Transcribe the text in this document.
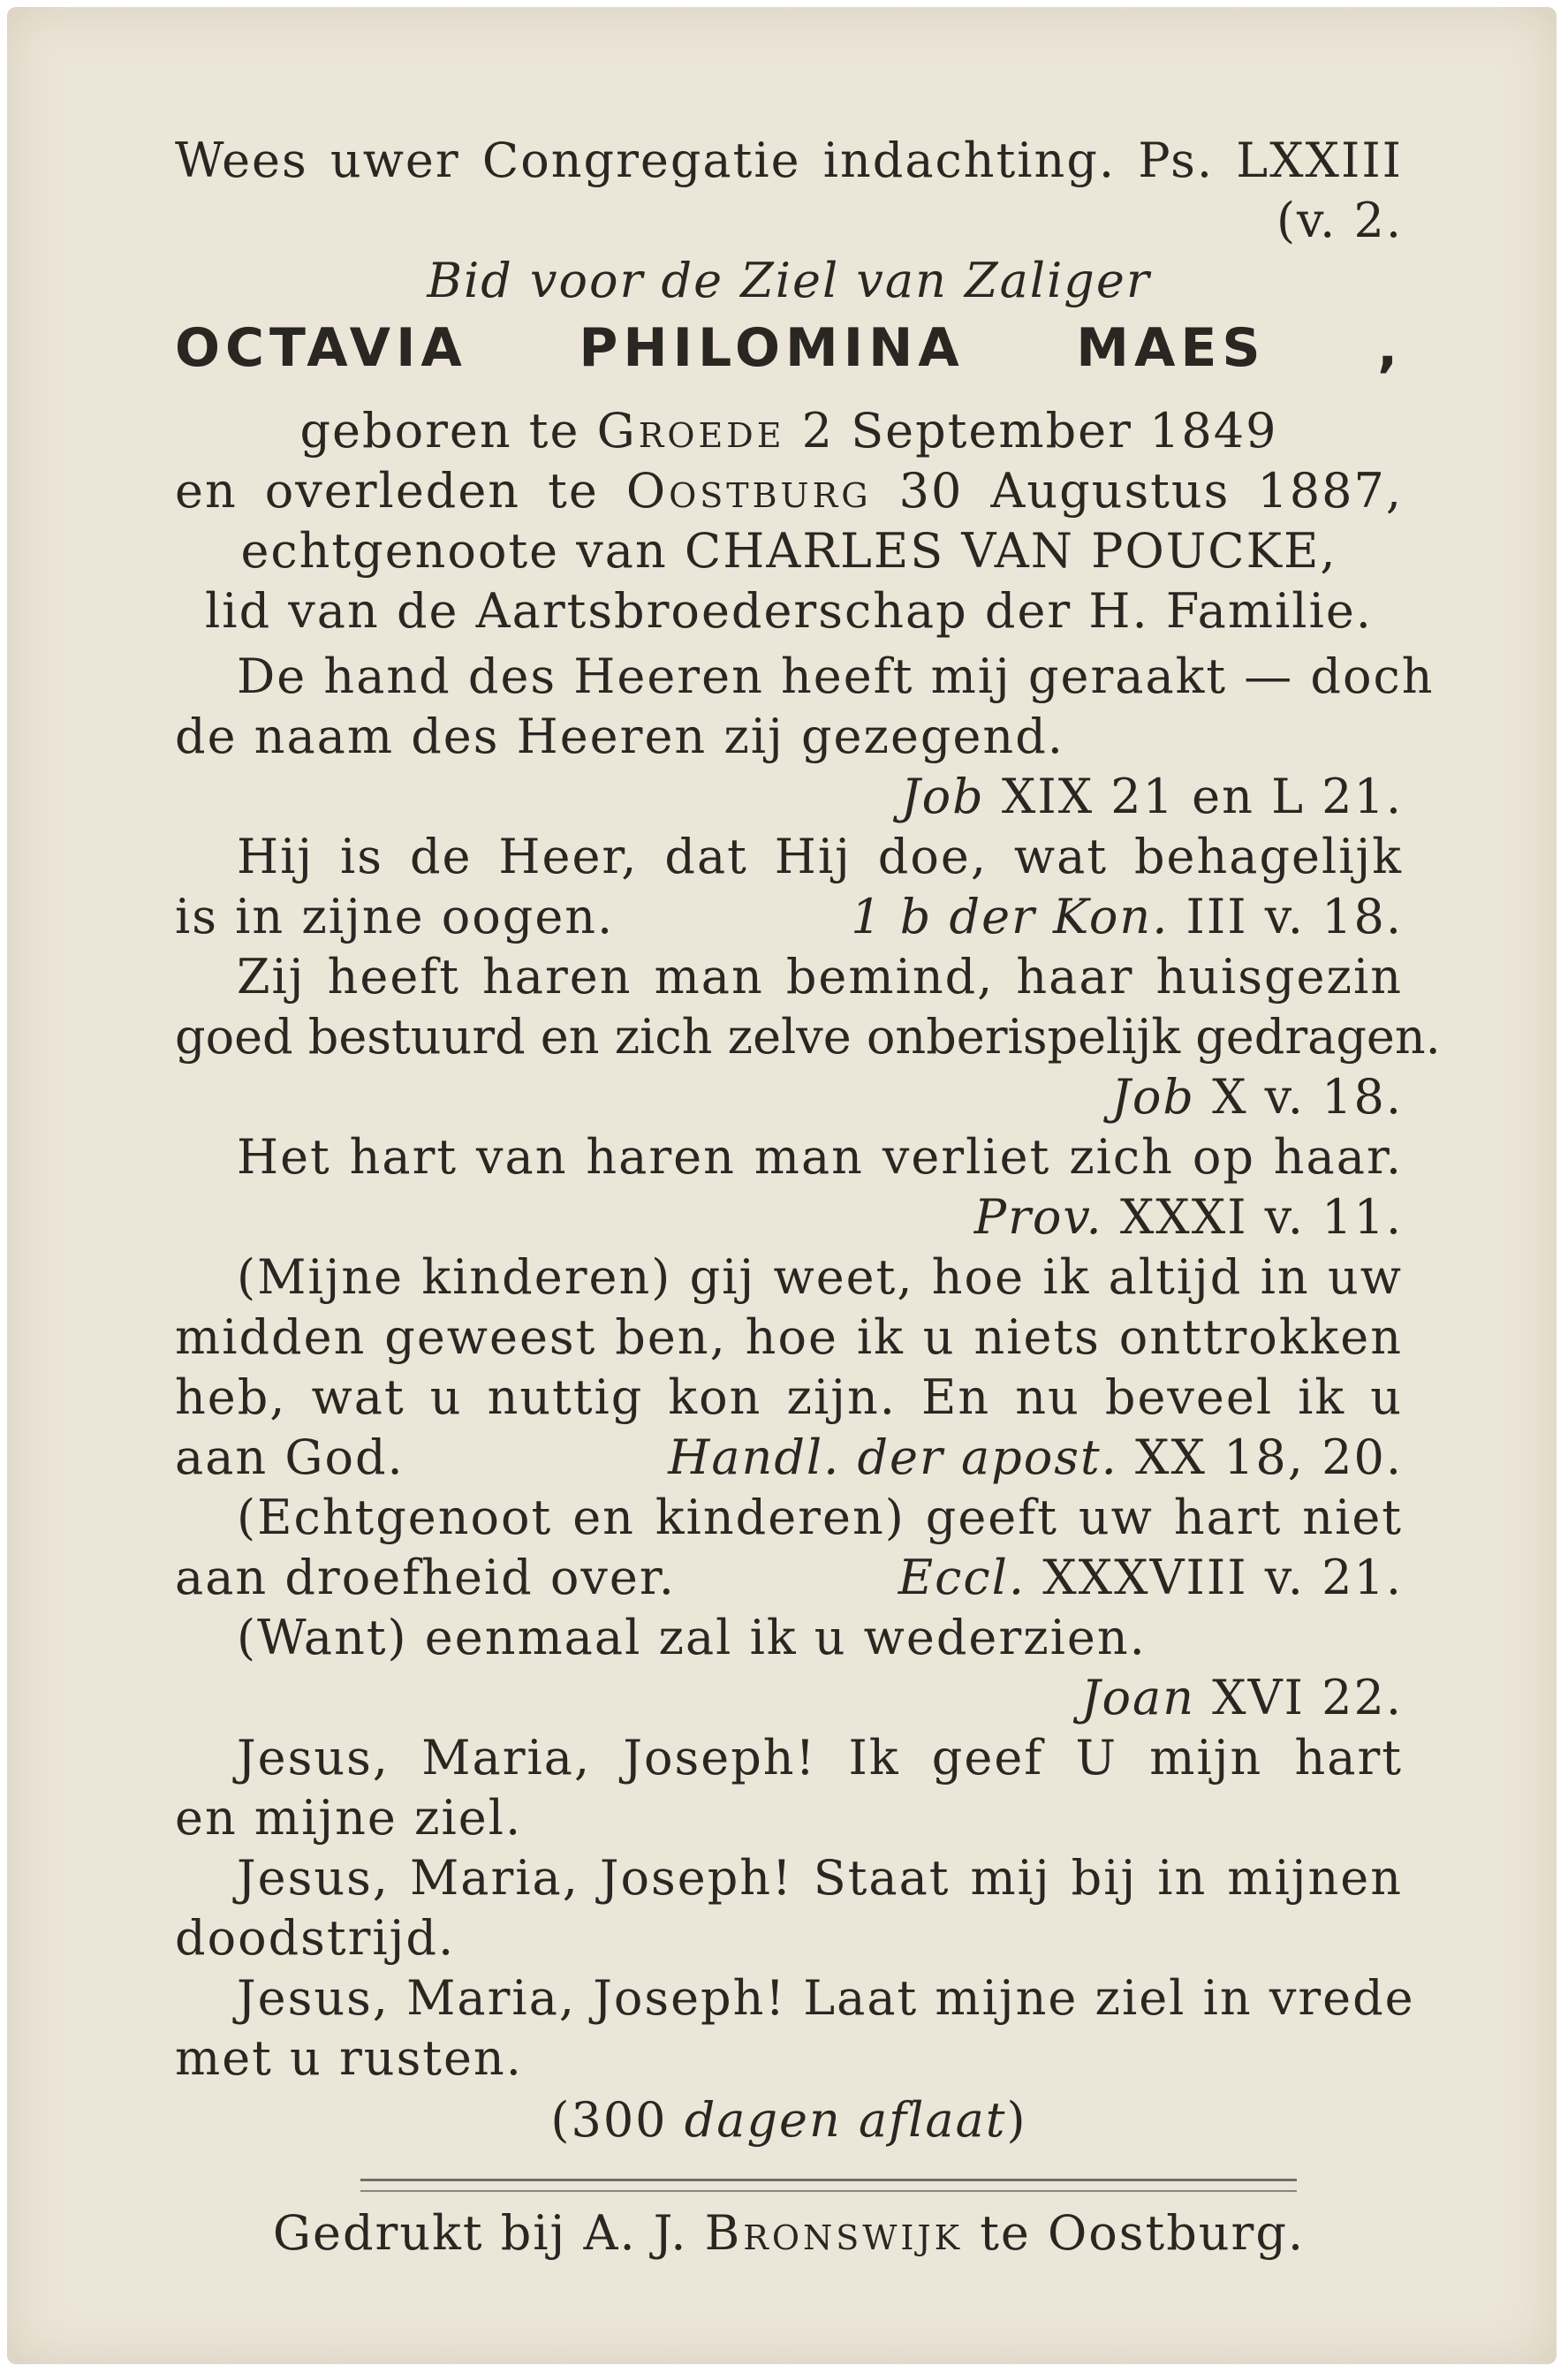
Wees uwer Congregatie indachting. Ps. LXXIII
(v. 2.
Bid voor de Ziel van Zaliger
OCTAVIA PHILOMINA MAES ,
geboren te Groede 2 September 1849
en overleden te Oostburg 30 Augustus 1887,
echtgenoote van CHARLES VAN POUCKE,
lid van de Aartsbroederschap der H. Familie.
De hand des Heeren heeft mij geraakt — doch
de naam des Heeren zij gezegend.
Job XIX 21 en L 21.
Hij is de Heer, dat Hij doe, wat behagelijk
is in zijne oogen.	1 b der Kon. III v. 18.
Zij heeft haren man bemind, haar huisgezin
goed bestuurd en zich zelve onberispelijk gedragen.
Job X v. 18.
Het hart van haren man verliet zich op haar.
Prov. XXXI v. 11.
(Mijne kinderen) gij weet, hoe ik altijd in uw
midden geweest ben, hoe ik u niets onttrokken
heb, wat u nuttig kon zijn. En nu beveel ik u
aan God.	Handl. der apost. XX 18, 20.
(Echtgenoot en kinderen) geeft uw hart niet
aan droefheid over.	Eccl. XXXVIII v. 21.
(Want) eenmaal zal ik u wederzien.
Joan XVI 22.
Jesus, Maria, Joseph! Ik geef U mijn hart
en mijne ziel.
Jesus, Maria, Joseph! Staat mij bij in mijnen
doodstrijd.
Jesus, Maria, Joseph! Laat mijne ziel in vrede
met u rusten.
(300 dagen aflaat)
Gedrukt bij A. J. Bronswijk te Oostburg.
